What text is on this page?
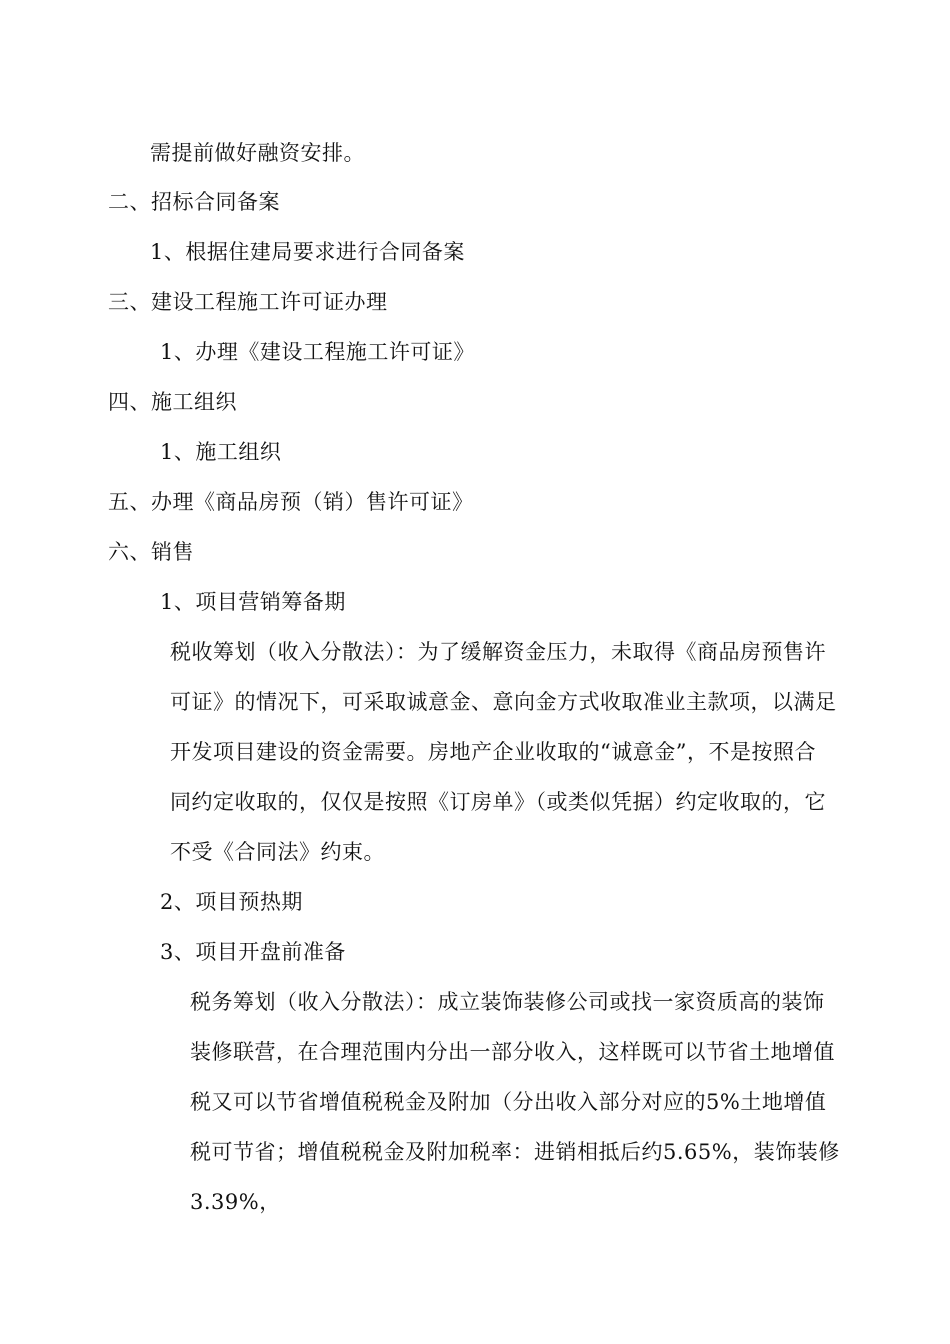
需提前做好融资安排。
二、招标合同备案
1、根据住建局要求进行合同备案
三、建设工程施工许可证办理
1、办理《建设工程施工许可证》
四、施工组织
1、施工组织
五、办理《商品房预（销）售许可证》
六、销售
1、项目营销筹备期
税收筹划（收入分散法）：为了缓解资金压力，未取得《商品房预售许
可证》的情况下，可采取诚意金、意向金方式收取准业主款项，以满足
开发项目建设的资金需要。房地产企业收取的“诚意金”，不是按照合
同约定收取的，仅仅是按照《订房单》（或类似凭据）约定收取的，它
不受《合同法》约束。
2、项目预热期
3、项目开盘前准备
税务筹划（收入分散法）：成立装饰装修公司或找一家资质高的装饰
装修联营，在合理范围内分出一部分收入，这样既可以节省土地增值
税又可以节省增值税税金及附加（分出收入部分对应的5%土地增值
税可节省；增值税税金及附加税率：进销相抵后约5.65%，装饰装修
3.39%，
